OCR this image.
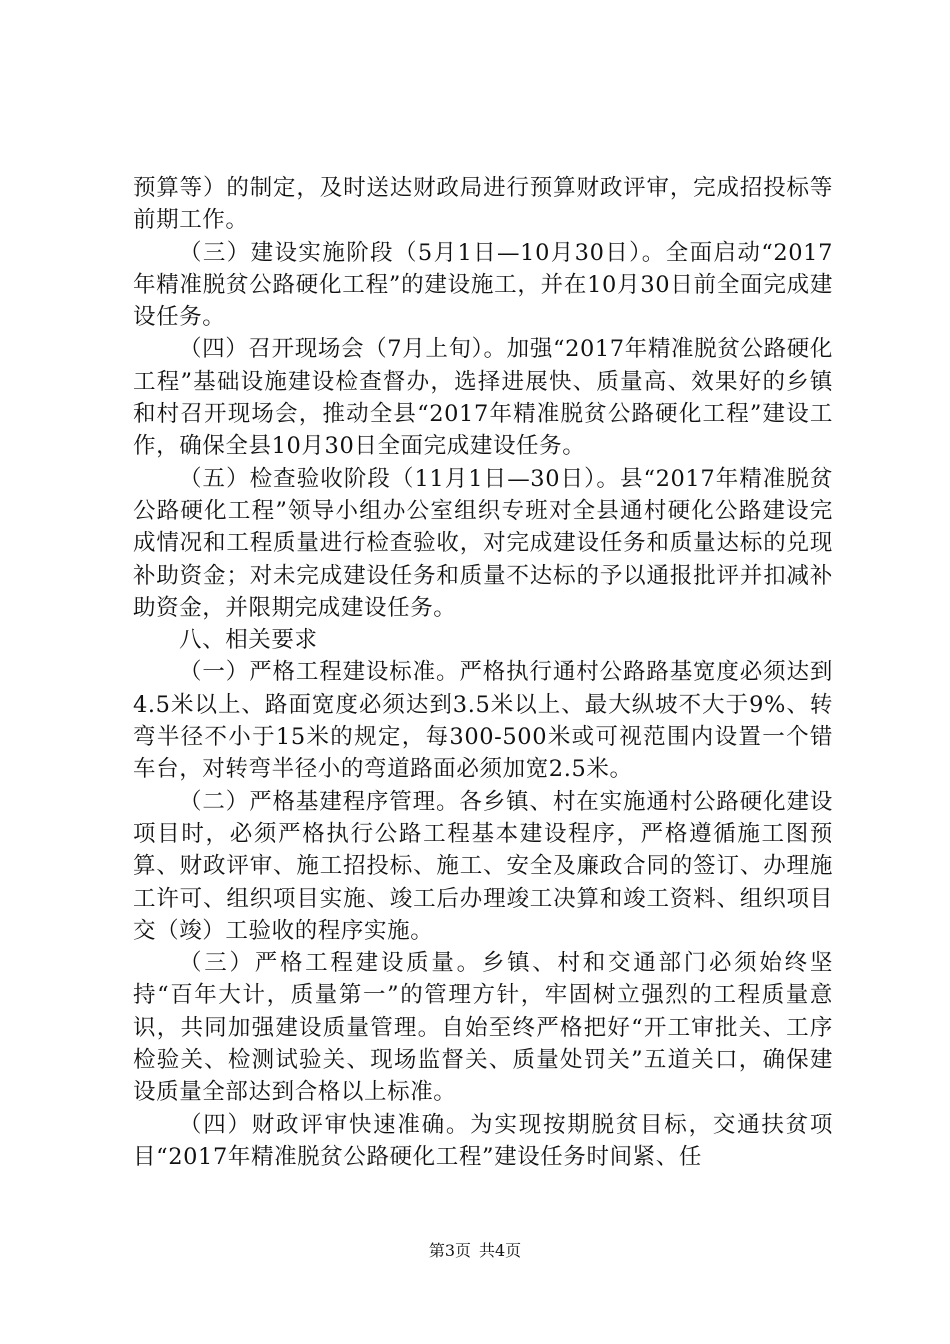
预算等）的制定，及时送达财政局进行预算财政评审，完成招投标等前期工作。

（三）建设实施阶段（5月1日—10月30日）。全面启动“2017年精准脱贫公路硬化工程”的建设施工，并在10月30日前全面完成建设任务。

（四）召开现场会（7月上旬）。加强“2017年精准脱贫公路硬化工程”基础设施建设检查督办，选择进展快、质量高、效果好的乡镇和村召开现场会，推动全县“2017年精准脱贫公路硬化工程”建设工作，确保全县10月30日全面完成建设任务。

（五）检查验收阶段（11月1日—30日）。县“2017年精准脱贫公路硬化工程”领导小组办公室组织专班对全县通村硬化公路建设完成情况和工程质量进行检查验收，对完成建设任务和质量达标的兑现补助资金；对未完成建设任务和质量不达标的予以通报批评并扣减补助资金，并限期完成建设任务。

八、相关要求

（一）严格工程建设标准。严格执行通村公路路基宽度必须达到4.5米以上、路面宽度必须达到3.5米以上、最大纵坡不大于9%、转弯半径不小于15米的规定，每300-500米或可视范围内设置一个错车台，对转弯半径小的弯道路面必须加宽2.5米。

（二）严格基建程序管理。各乡镇、村在实施通村公路硬化建设项目时，必须严格执行公路工程基本建设程序，严格遵循施工图预算、财政评审、施工招投标、施工、安全及廉政合同的签订、办理施工许可、组织项目实施、竣工后办理竣工决算和竣工资料、组织项目交（竣）工验收的程序实施。

（三）严格工程建设质量。乡镇、村和交通部门必须始终坚持“百年大计，质量第一”的管理方针，牢固树立强烈的工程质量意识，共同加强建设质量管理。自始至终严格把好“开工审批关、工序检验关、检测试验关、现场监督关、质量处罚关”五道关口，确保建设质量全部达到合格以上标准。

（四）财政评审快速准确。为实现按期脱贫目标，交通扶贫项目“2017年精准脱贫公路硬化工程”建设任务时间紧、任

第3页 共4页
